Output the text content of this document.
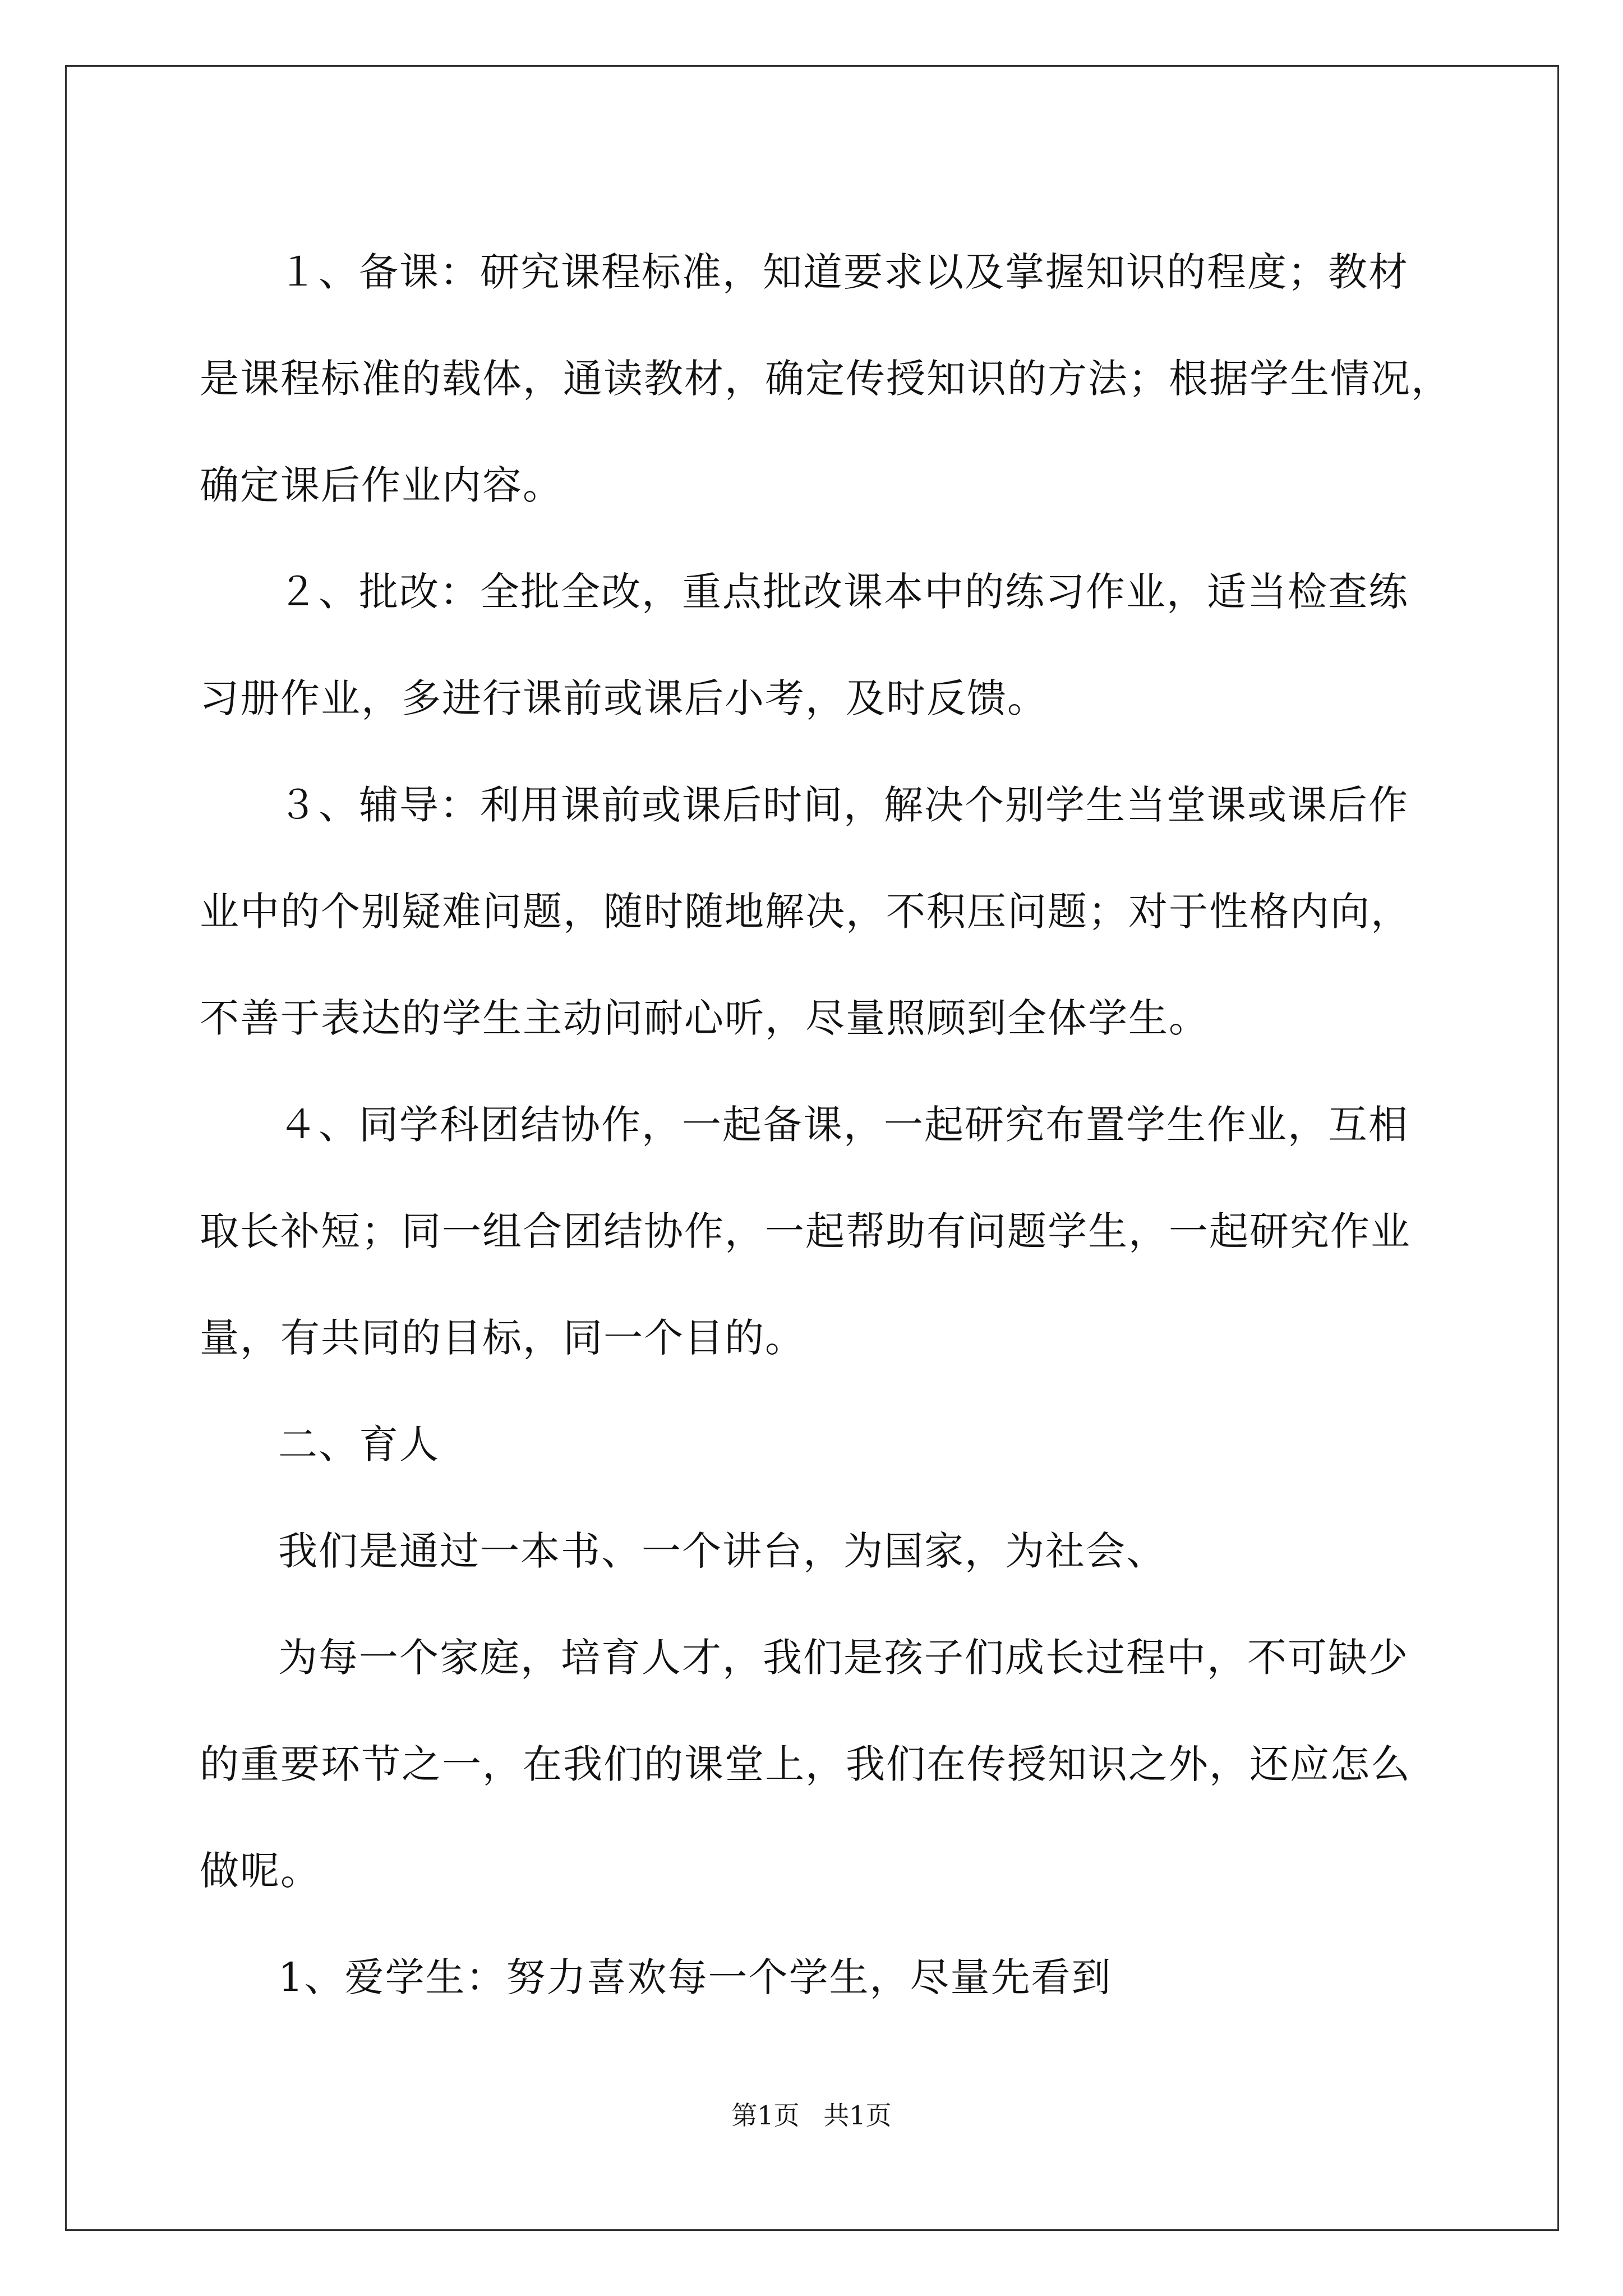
１、备课：研究课程标准，知道要求以及掌握知识的程度；教材
是课程标准的载体，通读教材，确定传授知识的方法；根据学生情况，
确定课后作业内容。

２、批改：全批全改，重点批改课本中的练习作业，适当检查练
习册作业，多进行课前或课后小考，及时反馈。

３、辅导：利用课前或课后时间，解决个别学生当堂课或课后作
业中的个别疑难问题，随时随地解决，不积压问题；对于性格内向，
不善于表达的学生主动问耐心听，尽量照顾到全体学生。

４、同学科团结协作，一起备课，一起研究布置学生作业，互相
取长补短；同一组合团结协作，一起帮助有问题学生，一起研究作业
量，有共同的目标，同一个目的。

二、育人

我们是通过一本书、一个讲台，为国家，为社会、

为每一个家庭，培育人才，我们是孩子们成长过程中，不可缺少
的重要环节之一，在我们的课堂上，我们在传授知识之外，还应怎么
做呢。

1、爱学生：努力喜欢每一个学生，尽量先看到

第1页 共1页
